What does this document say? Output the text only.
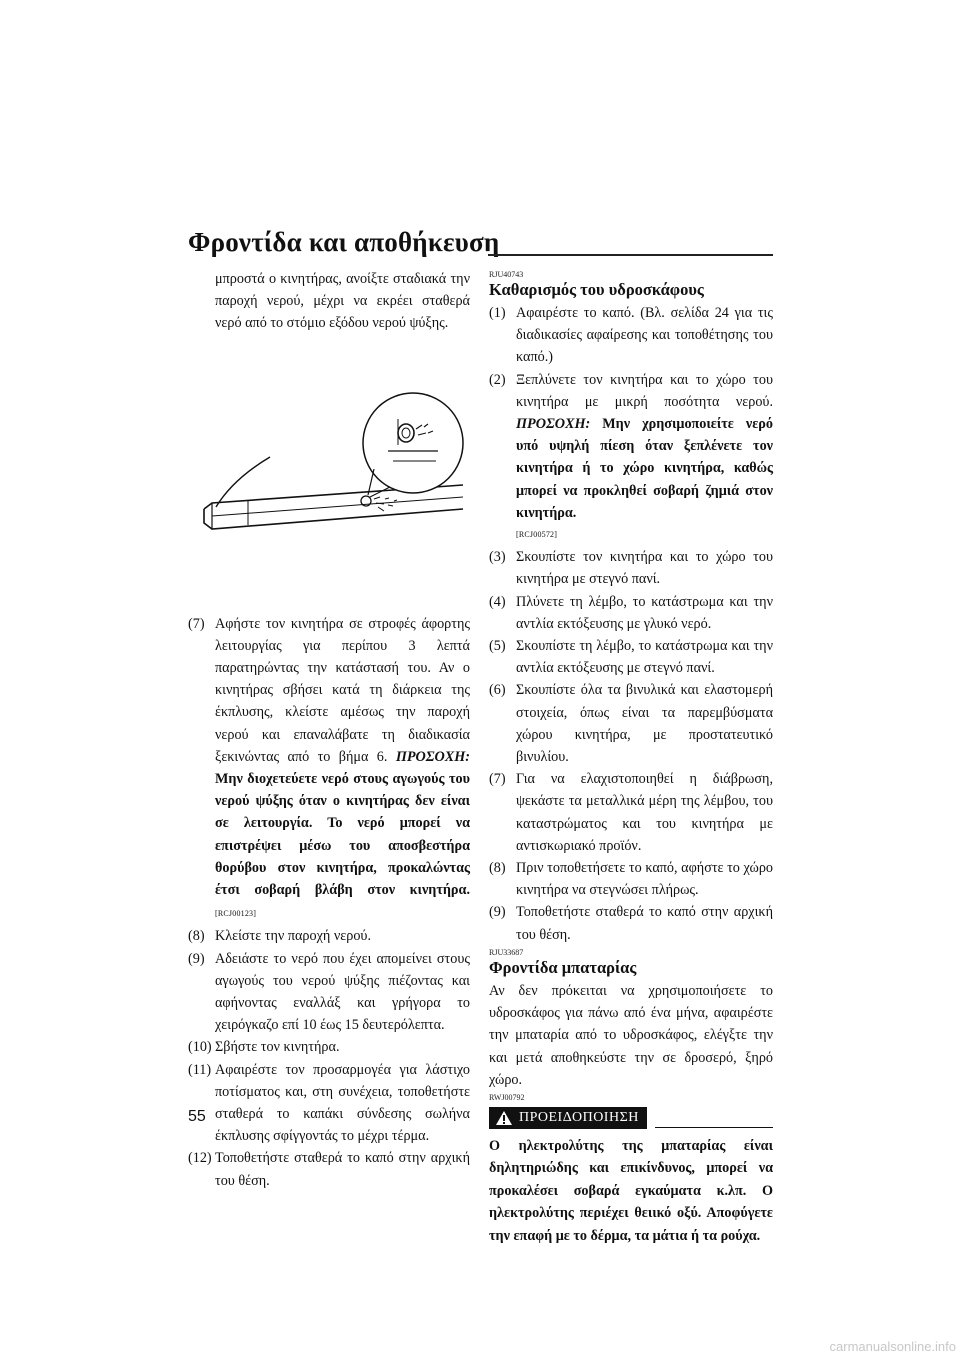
Φροντίδα και αποθήκευση
μπροστά ο κινητήρας, ανοίξτε σταδιακά την παροχή νερού, μέχρι να εκρέει σταθερά νερό από το στόμιο εξόδου νερού ψύξης.
(7) Αφήστε τον κινητήρα σε στροφές άφορτης λειτουργίας για περίπου 3 λεπτά παρατηρώντας την κατάστασή του. Αν ο κινητήρας σβήσει κατά τη διάρκεια της έκπλυσης, κλείστε αμέσως την παροχή νερού και επαναλάβατε τη διαδικασία ξεκινώντας από το βήμα 6. ΠΡΟΣΟΧΗ: Μην διοχετεύετε νερό στους αγωγούς του νερού ψύξης όταν ο κινητήρας δεν είναι σε λειτουργία. Το νερό μπορεί να επιστρέψει μέσω του αποσβεστήρα θορύβου στον κινητήρα, προκαλώντας έτσι σοβαρή βλάβη στον κινητήρα. [RCJ00123]
(8) Κλείστε την παροχή νερού.
(9) Αδειάστε το νερό που έχει απομείνει στους αγωγούς του νερού ψύξης πιέζοντας και αφήνοντας εναλλάξ και γρήγορα το χειρόγκαζο επί 10 έως 15 δευτερόλεπτα.
(10) Σβήστε τον κινητήρα.
(11) Αφαιρέστε τον προσαρμογέα για λάστιχο ποτίσματος και, στη συνέχεια, τοποθετήστε σταθερά το καπάκι σύνδεσης σωλήνα έκπλυσης σφίγγοντάς το μέχρι τέρμα.
(12) Τοποθετήστε σταθερά το καπό στην αρχική του θέση.
RJU40743
Καθαρισμός του υδροσκάφους
(1) Αφαιρέστε το καπό. (Βλ. σελίδα 24 για τις διαδικασίες αφαίρεσης και τοποθέτησης του καπό.)
(2) Ξεπλύνετε τον κινητήρα και το χώρο του κινητήρα με μικρή ποσότητα νερού. ΠΡΟΣΟΧΗ: Μην χρησιμοποιείτε νερό υπό υψηλή πίεση όταν ξεπλένετε τον κινητήρα ή το χώρο κινητήρα, καθώς μπορεί να προκληθεί σοβαρή ζημιά στον κινητήρα.
[RCJ00572]
(3) Σκουπίστε τον κινητήρα και το χώρο του κινητήρα με στεγνό πανί.
(4) Πλύνετε τη λέμβο, το κατάστρωμα και την αντλία εκτόξευσης με γλυκό νερό.
(5) Σκουπίστε τη λέμβο, το κατάστρωμα και την αντλία εκτόξευσης με στεγνό πανί.
(6) Σκουπίστε όλα τα βινυλικά και ελαστομερή στοιχεία, όπως είναι τα παρεμβύσματα χώρου κινητήρα, με προστατευτικό βινυλίου.
(7) Για να ελαχιστοποιηθεί η διάβρωση, ψεκάστε τα μεταλλικά μέρη της λέμβου, του καταστρώματος και του κινητήρα με αντισκωριακό προϊόν.
(8) Πριν τοποθετήσετε το καπό, αφήστε το χώρο κινητήρα να στεγνώσει πλήρως.
(9) Τοποθετήστε σταθερά το καπό στην αρχική του θέση.
RJU33687
Φροντίδα μπαταρίας
Αν δεν πρόκειται να χρησιμοποιήσετε το υδροσκάφος για πάνω από ένα μήνα, αφαιρέστε την μπαταρία από το υδροσκάφος, ελέγξτε την και μετά αποθηκεύστε την σε δροσερό, ξηρό χώρο.
RWJ00792
ΠΡΟΕΙΔΟΠΟΙΗΣΗ
Ο ηλεκτρολύτης της μπαταρίας είναι δηλητηριώδης και επικίνδυνος, μπορεί να προκαλέσει σοβαρά εγκαύματα κ.λπ. Ο ηλεκτρολύτης περιέχει θειικό οξύ. Αποφύγετε την επαφή με το δέρμα, τα μάτια ή τα ρούχα.
55
carmanualsonline.info
